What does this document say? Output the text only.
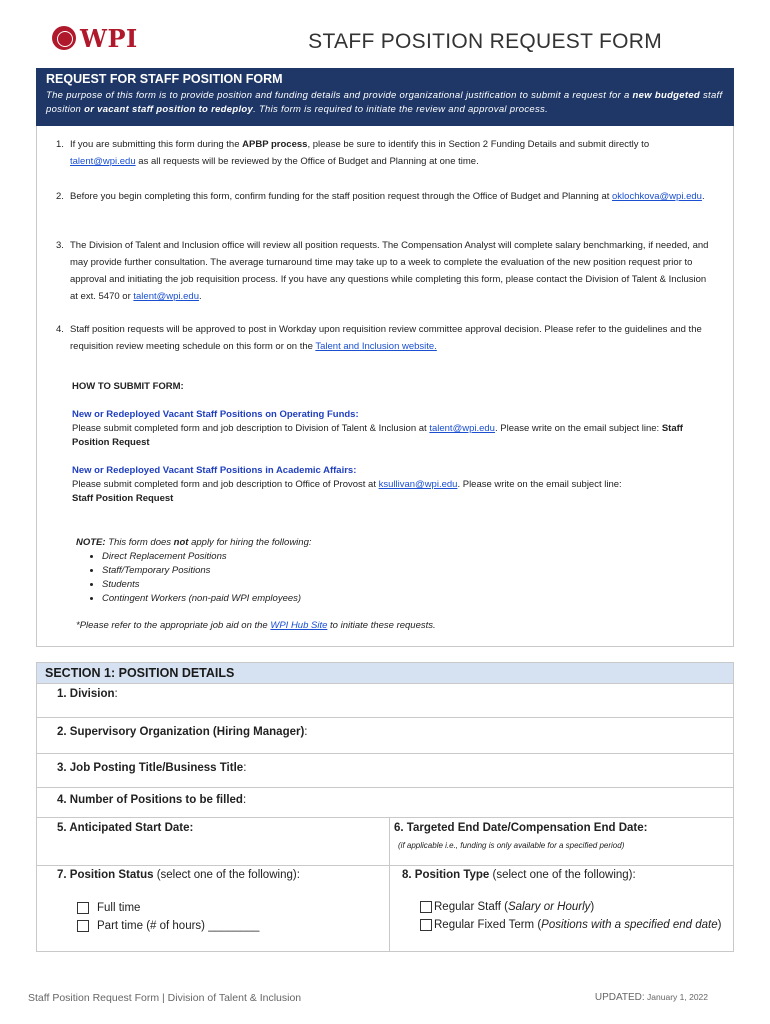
WPI	STAFF POSITION REQUEST FORM
REQUEST FOR STAFF POSITION FORM
The purpose of this form is to provide position and funding details and provide organizational justification to submit a request for a new budgeted staff position or vacant staff position to redeploy. This form is required to initiate the review and approval process.
1. If you are submitting this form during the APBP process, please be sure to identify this in Section 2 Funding Details and submit directly to talent@wpi.edu as all requests will be reviewed by the Office of Budget and Planning at one time.
2. Before you begin completing this form, confirm funding for the staff position request through the Office of Budget and Planning at oklochkova@wpi.edu.
3. The Division of Talent and Inclusion office will review all position requests. The Compensation Analyst will complete salary benchmarking, if needed, and may provide further consultation. The average turnaround time may take up to a week to complete the evaluation of the new position request prior to approval and initiating the job requisition process. If you have any questions while completing this form, please contact the Division of Talent & Inclusion at ext. 5470 or talent@wpi.edu.
4. Staff position requests will be approved to post in Workday upon requisition review committee approval decision. Please refer to the guidelines and the requisition review meeting schedule on this form or on the Talent and Inclusion website.
HOW TO SUBMIT FORM:
New or Redeployed Vacant Staff Positions on Operating Funds:
Please submit completed form and job description to Division of Talent & Inclusion at talent@wpi.edu. Please write on the email subject line: Staff Position Request
New or Redeployed Vacant Staff Positions in Academic Affairs:
Please submit completed form and job description to Office of Provost at ksullivan@wpi.edu. Please write on the email subject line:
Staff Position Request
NOTE: This form does not apply for hiring the following:
• Direct Replacement Positions
• Staff/Temporary Positions
• Students
• Contingent Workers (non-paid WPI employees)
*Please refer to the appropriate job aid on the WPI Hub Site to initiate these requests.
SECTION 1: POSITION DETAILS
1. Division:
2. Supervisory Organization (Hiring Manager):
3. Job Posting Title/Business Title:
4. Number of Positions to be filled:
5. Anticipated Start Date:	6. Targeted End Date/Compensation End Date:
(if applicable i.e., funding is only available for a specified period)
7. Position Status (select one of the following):
Full time
Part time (# of hours) ________
8. Position Type (select one of the following):
Regular Staff (Salary or Hourly)
Regular Fixed Term (Positions with a specified end date)
Staff Position Request Form | Division of Talent & Inclusion	UPDATED: January 1, 2022
